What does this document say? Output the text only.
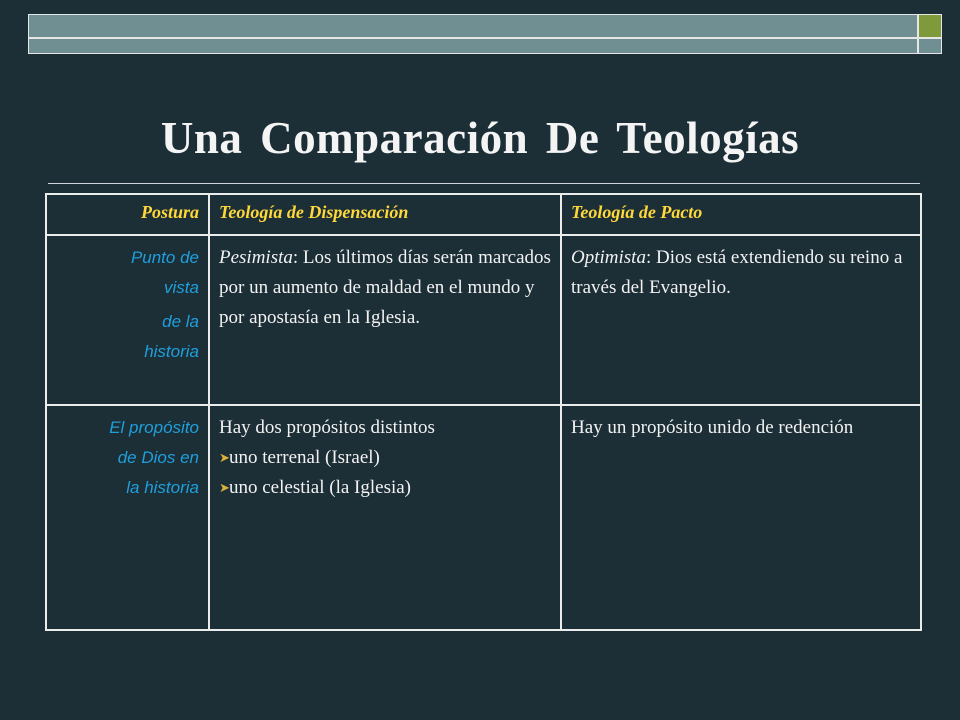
Una Comparación De Teologías
Postura	Teología de Dispensación	Teología de Pacto

Punto de
vista
de la
historia	Pesimista: Los últimos días serán marcados por un aumento de maldad en el mundo y por apostasía en la Iglesia.	Optimista: Dios está extendiendo su reino a través del Evangelio.

El propósito
de Dios en
la historia	Hay dos propósitos distintos
➤ uno terrenal (Israel)
➤ uno celestial (la Iglesia)	Hay un propósito unido de redención
